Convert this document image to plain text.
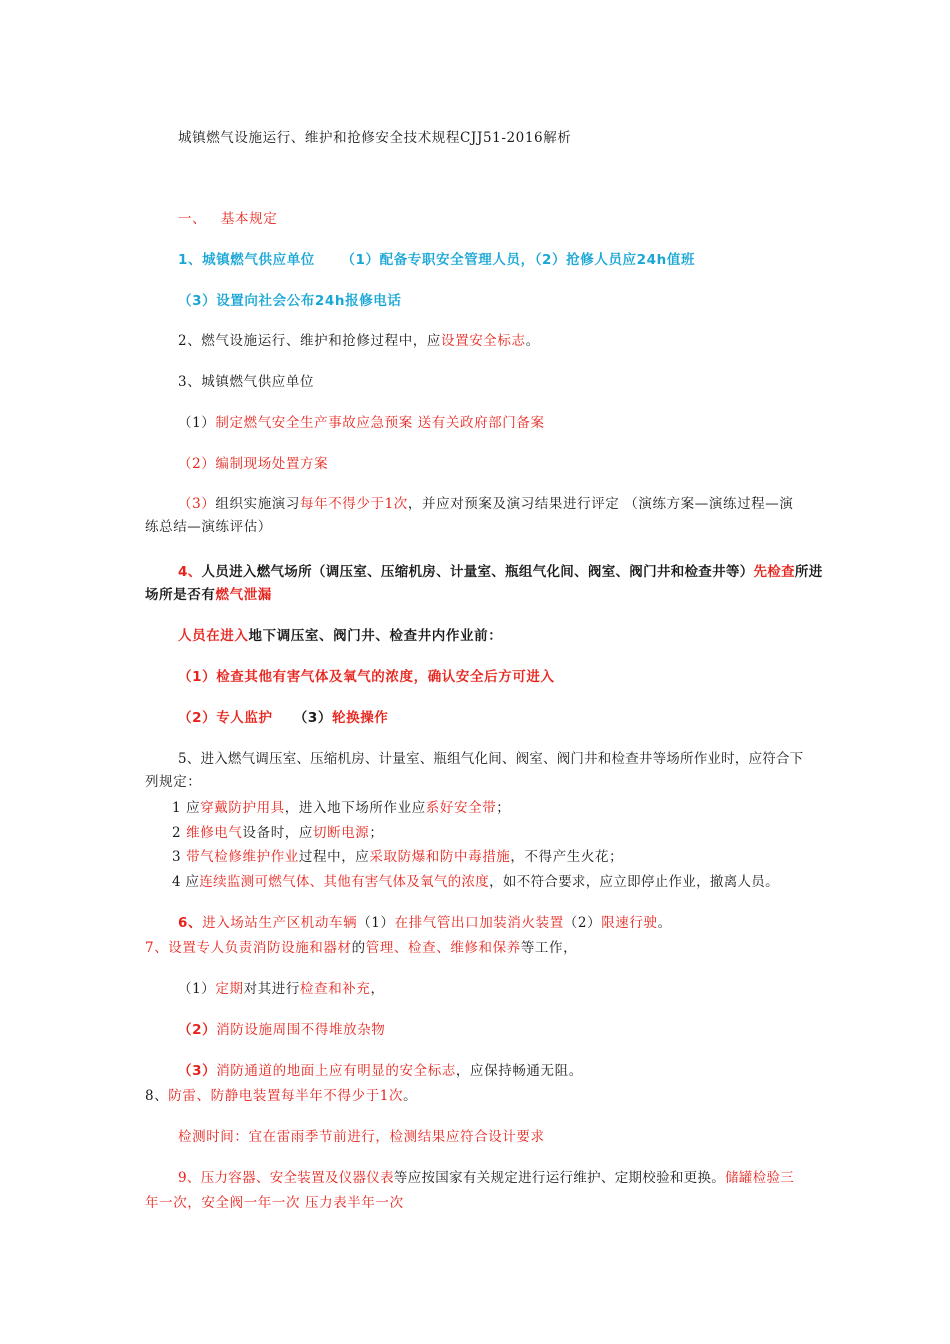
城镇燃气设施运行、维护和抢修安全技术规程CJJ51-2016解析
一、 基本规定
1、城镇燃气供应单位 （1）配备专职安全管理人员，（2）抢修人员应24h值班
（3）设置向社会公布24h报修电话
2、燃气设施运行、维护和抢修过程中，应设置安全标志。
3、城镇燃气供应单位
（1）制定燃气安全生产事故应急预案 送有关政府部门备案
（2）编制现场处置方案
（3）组织实施演习每年不得少于1次，并应对预案及演习结果进行评定 （演练方案—演练过程—演
练总结—演练评估）
4、人员进入燃气场所（调压室、压缩机房、计量室、瓶组气化间、阀室、阀门井和检查井等）先检查所进
场所是否有燃气泄漏
人员在进入地下调压室、阀门井、检查井内作业前：
（1）检查其他有害气体及氧气的浓度，确认安全后方可进入
（2）专人监护 （3）轮换操作
5、进入燃气调压室、压缩机房、计量室、瓶组气化间、阀室、阀门井和检查井等场所作业时，应符合下
列规定：
1 应穿戴防护用具，进入地下场所作业应系好安全带；
2 维修电气设备时，应切断电源；
3 带气检修维护作业过程中，应采取防爆和防中毒措施，不得产生火花；
4 应连续监测可燃气体、其他有害气体及氧气的浓度，如不符合要求，应立即停止作业，撤离人员。
6、进入场站生产区机动车辆（1）在排气管出口加装消火装置（2）限速行驶。
7、设置专人负责消防设施和器材的管理、检查、维修和保养等工作，
（1）定期对其进行检查和补充，
（2）消防设施周围不得堆放杂物
（3）消防通道的地面上应有明显的安全标志，应保持畅通无阻。
8、防雷、防静电装置每半年不得少于1次。
检测时间：宜在雷雨季节前进行，检测结果应符合设计要求
9、压力容器、安全装置及仪器仪表等应按国家有关规定进行运行维护、定期校验和更换。储罐检验三
年一次，安全阀一年一次 压力表半年一次
